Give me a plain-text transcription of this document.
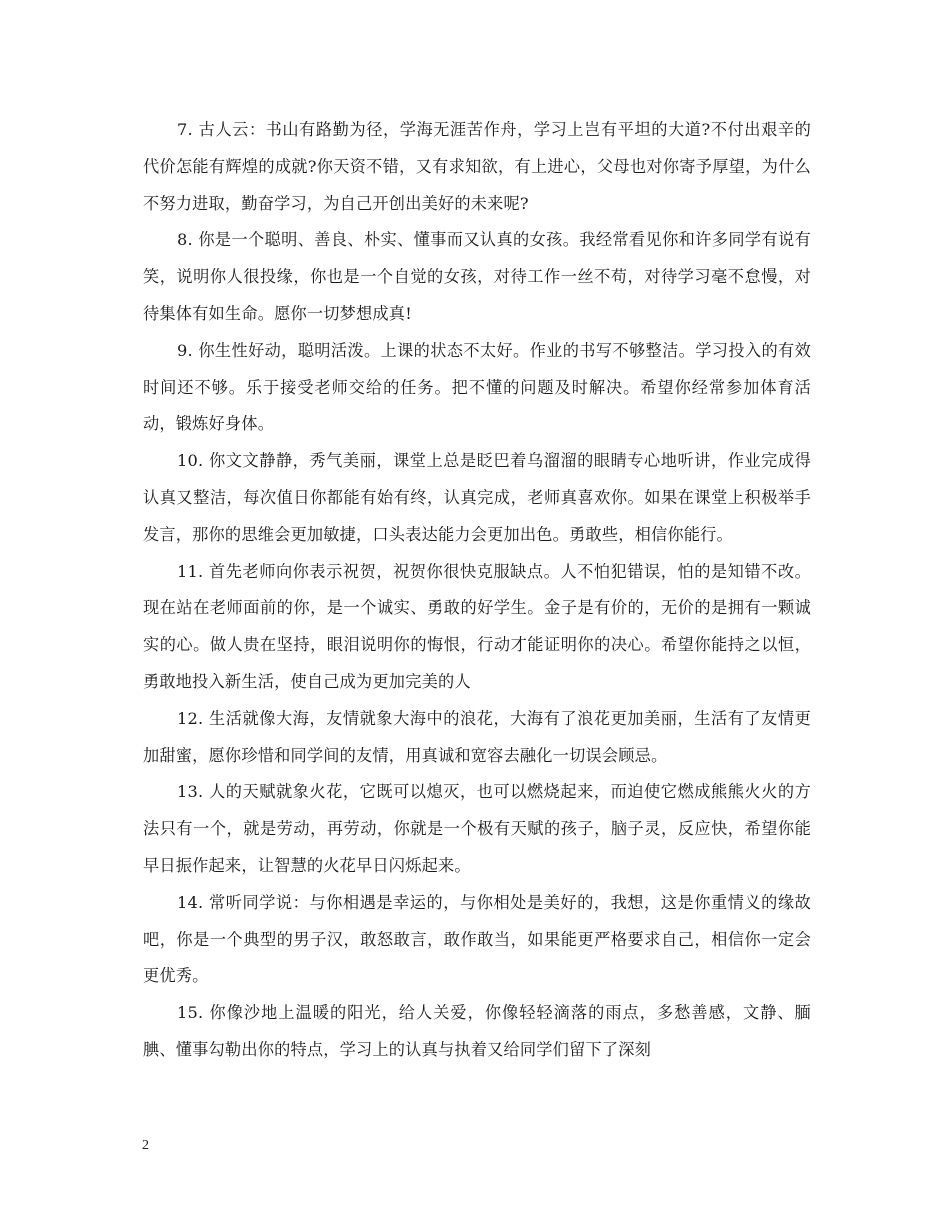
7. 古人云：书山有路勤为径，学海无涯苦作舟，学习上岂有平坦的大道?不付出艰辛的代价怎能有辉煌的成就?你天资不错，又有求知欲，有上进心，父母也对你寄予厚望，为什么不努力进取，勤奋学习，为自己开创出美好的未来呢?

8. 你是一个聪明、善良、朴实、懂事而又认真的女孩。我经常看见你和许多同学有说有笑，说明你人很投缘，你也是一个自觉的女孩，对待工作一丝不苟，对待学习毫不怠慢，对待集体有如生命。愿你一切梦想成真!

9. 你生性好动，聪明活泼。上课的状态不太好。作业的书写不够整洁。学习投入的有效时间还不够。乐于接受老师交给的任务。把不懂的问题及时解决。希望你经常参加体育活动，锻炼好身体。

10. 你文文静静，秀气美丽，课堂上总是眨巴着乌溜溜的眼睛专心地听讲，作业完成得认真又整洁，每次值日你都能有始有终，认真完成，老师真喜欢你。如果在课堂上积极举手发言，那你的思维会更加敏捷，口头表达能力会更加出色。勇敢些，相信你能行。

11. 首先老师向你表示祝贺，祝贺你很快克服缺点。人不怕犯错误，怕的是知错不改。现在站在老师面前的你，是一个诚实、勇敢的好学生。金子是有价的，无价的是拥有一颗诚实的心。做人贵在坚持，眼泪说明你的悔恨，行动才能证明你的决心。希望你能持之以恒，勇敢地投入新生活，使自己成为更加完美的人

12. 生活就像大海，友情就象大海中的浪花，大海有了浪花更加美丽，生活有了友情更加甜蜜，愿你珍惜和同学间的友情，用真诚和宽容去融化一切误会顾忌。

13. 人的天赋就象火花，它既可以熄灭，也可以燃烧起来，而迫使它燃成熊熊火火的方法只有一个，就是劳动，再劳动，你就是一个极有天赋的孩子，脑子灵，反应快，希望你能早日振作起来，让智慧的火花早日闪烁起来。

14. 常听同学说：与你相遇是幸运的，与你相处是美好的，我想，这是你重情义的缘故吧，你是一个典型的男子汉，敢怒敢言，敢作敢当，如果能更严格要求自己，相信你一定会更优秀。

15. 你像沙地上温暖的阳光，给人关爱，你像轻轻滴落的雨点，多愁善感，文静、腼腆、懂事勾勒出你的特点，学习上的认真与执着又给同学们留下了深刻

2
